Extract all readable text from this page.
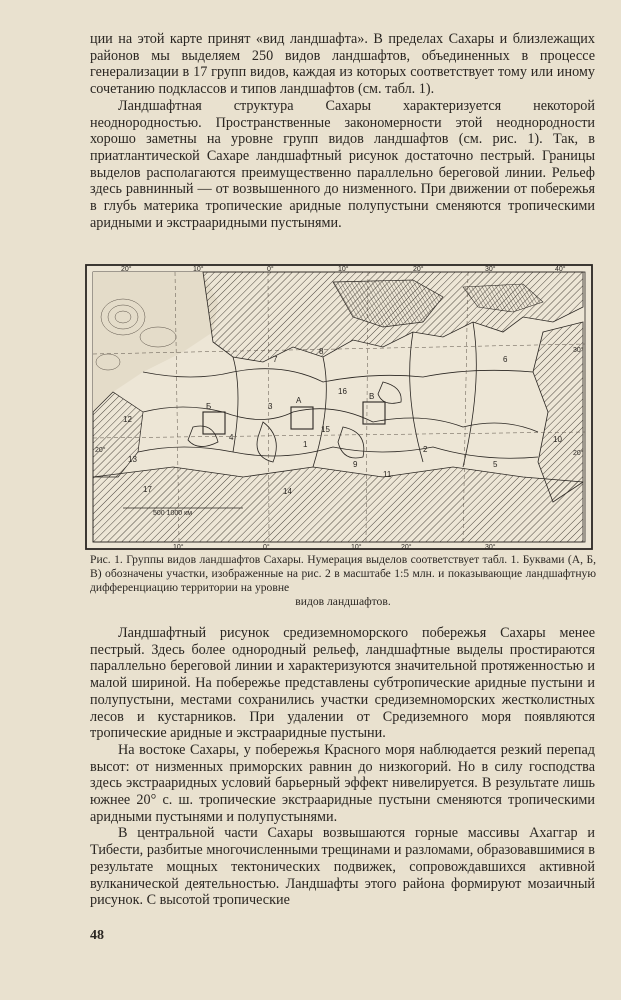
ции на этой карте принят «вид ландшафта». В пределах Сахары и близлежащих районов мы выделяем 250 видов ландшафтов, объединенных в процессе генерализации в 17 групп видов, каждая из которых соответствует тому или иному сочетанию подклассов и типов ландшафтов (см. табл. 1).

Ландшафтная структура Сахары характеризуется некоторой неоднородностью. Пространственные закономерности этой неоднородности хорошо заметны на уровне групп видов ландшафтов (см. рис. 1). Так, в приатлантической Сахаре ландшафтный рисунок достаточно пестрый. Границы выделов располагаются преимущественно параллельно береговой линии. Рельеф здесь равнинный — от возвышенного до низменного. При движении от побережья в глубь материка тропические аридные полупустыни сменяются тропическими аридными и экстрааридными пустынями.

20°	10°	0°	10°	20°	30°	40°
10°	0°	10°	20°	30°
30°
20°
20°
500 1000 км
А
Б
В
1
2
3
4
5
6
7
8
9
10
11
12
13
14
15
16
17
Рис. 1. Группы видов ландшафтов Сахары. Нумерация выделов соответствует табл. 1. Буквами (А, Б, В) обозначены участки, изображенные на рис. 2 в масштабе 1:5 млн. и показывающие ландшафтную дифференциацию территории на уровне
видов ландшафтов.

Ландшафтный рисунок средиземноморского побережья Сахары менее пестрый. Здесь более однородный рельеф, ландшафтные выделы простираются параллельно береговой линии и характеризуются значительной протяженностью и малой шириной. На побережье представлены субтропические аридные пустыни и полупустыни, местами сохранились участки средиземноморских жестколистных лесов и кустарников. При удалении от Средиземного моря появляются тропические аридные и экстрааридные пустыни.

На востоке Сахары, у побережья Красного моря наблюдается резкий перепад высот: от низменных приморских равнин до низкогорий. Но в силу господства здесь экстрааридных условий барьерный эффект нивелируется. В результате лишь южнее 20° с. ш. тропические экстрааридные пустыни сменяются тропическими аридными пустынями и полупустынями.

В центральной части Сахары возвышаются горные массивы Ахаггар и Тибести, разбитые многочисленными трещинами и разломами, образовавшимися в результате мощных тектонических подвижек, сопровождавшихся активной вулканической деятельностью. Ландшафты этого района формируют мозаичный рисунок. С высотой тропические

48
